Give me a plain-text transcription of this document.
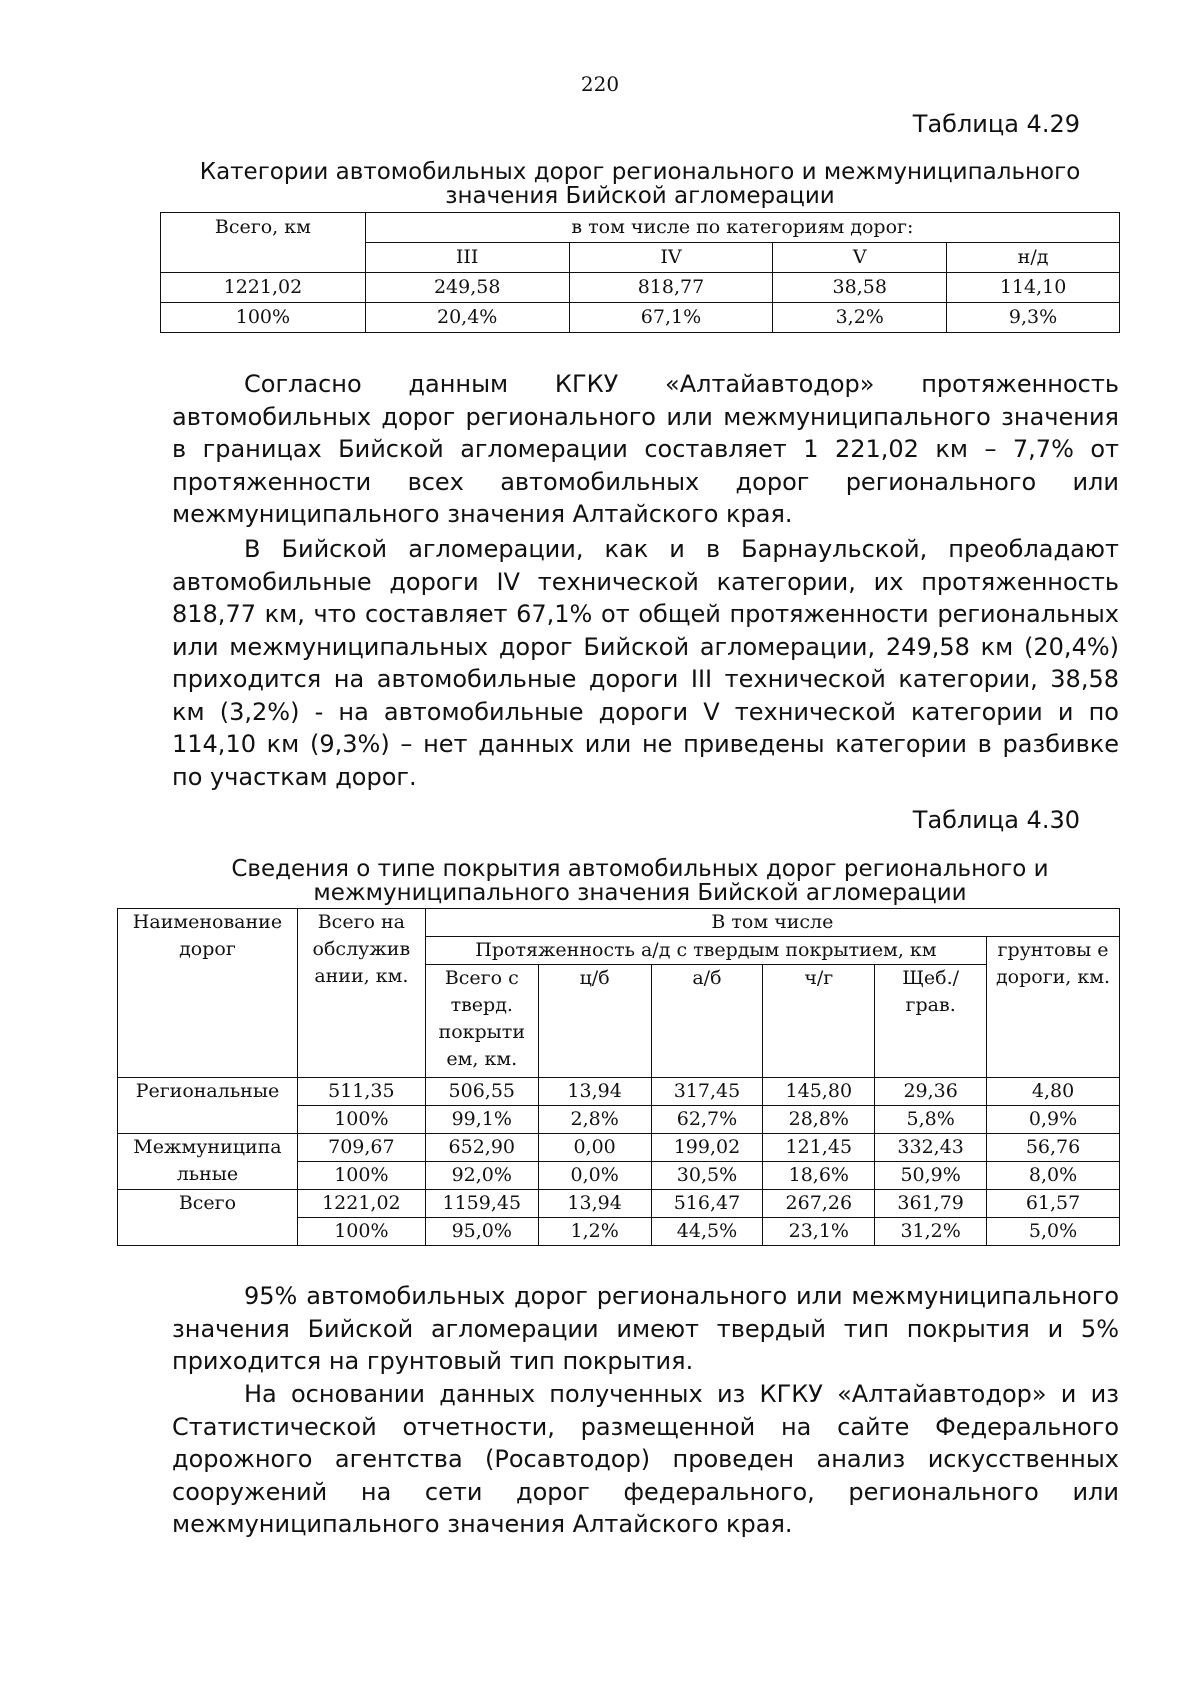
220
Таблица 4.29
Категории автомобильных дорог регионального и межмуниципального
значения Бийской агломерации
Всего, км	в том числе по категориям дорог:			
	III	IV	V	н/д
1221,02	249,58	818,77	38,58	114,10
100%	20,4%	67,1%	3,2%	9,3%
Согласно данным КГКУ «Алтайавтодор» протяженность автомобильных дорог регионального или межмуниципального значения в границах Бийской агломерации составляет 1 221,02 км – 7,7% от протяженности всех автомобильных дорог регионального или межмуниципального значения Алтайского края.
В Бийской агломерации, как и в Барнаульской, преобладают автомобильные дороги IV технической категории, их протяженность 818,77 км, что составляет 67,1% от общей протяженности региональных или межмуниципальных дорог Бийской агломерации, 249,58 км (20,4%) приходится на автомобильные дороги III технической категории, 38,58 км (3,2%) - на автомобильные дороги V технической категории и по 114,10 км (9,3%) – нет данных или не приведены категории в разбивке по участкам дорог.
Таблица 4.30
Сведения о типе покрытия автомобильных дорог регионального и
межмуниципального значения Бийской агломерации
Наименование дорог	Всего на обслужив ании, км.	В том числе					
		Протяженность а/д с твердым покрытием, км					грунтовы е дороги, км.
		Всего с тверд. покрыти ем, км.	ц/б	а/б	ч/г	Щеб./ грав.	
Региональные	511,35	506,55	13,94	317,45	145,80	29,36	4,80
	100%	99,1%	2,8%	62,7%	28,8%	5,8%	0,9%
Межмуниципа льные	709,67	652,90	0,00	199,02	121,45	332,43	56,76
	100%	92,0%	0,0%	30,5%	18,6%	50,9%	8,0%
Всего	1221,02	1159,45	13,94	516,47	267,26	361,79	61,57
	100%	95,0%	1,2%	44,5%	23,1%	31,2%	5,0%
95% автомобильных дорог регионального или межмуниципального значения Бийской агломерации имеют твердый тип покрытия и 5% приходится на грунтовый тип покрытия.
На основании данных полученных из КГКУ «Алтайавтодор» и из Статистической отчетности, размещенной на сайте Федерального дорожного агентства (Росавтодор) проведен анализ искусственных сооружений на сети дорог федерального, регионального или межмуниципального значения Алтайского края.
